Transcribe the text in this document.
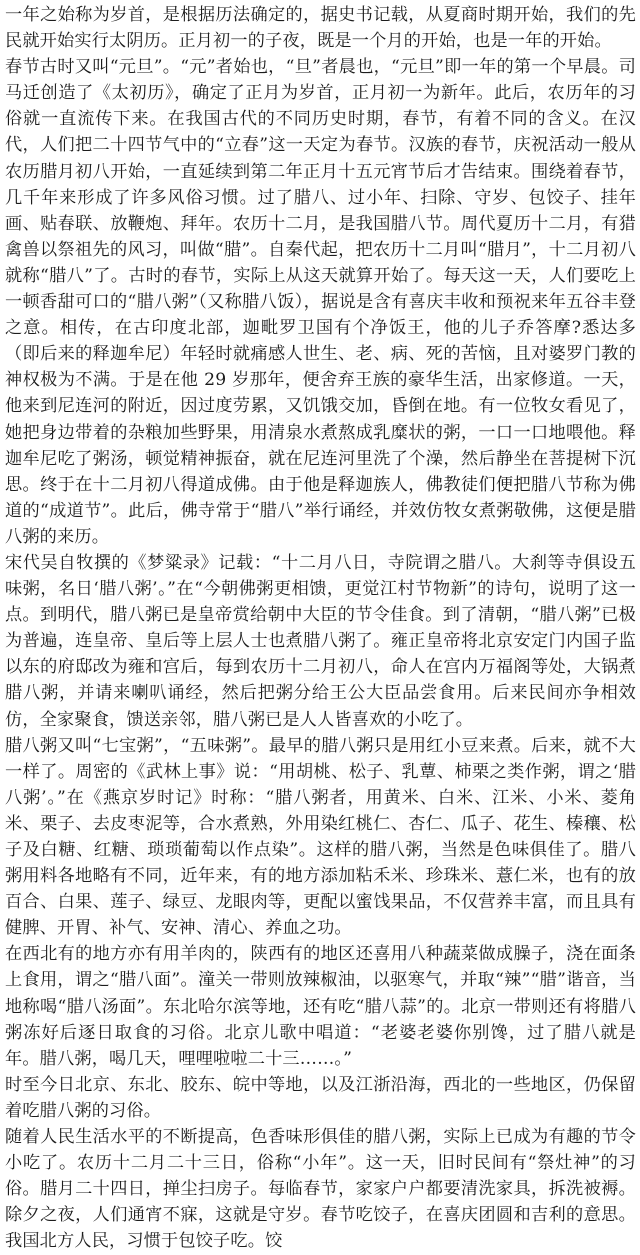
一年之始称为岁首，是根据历法确定的，据史书记载，从夏商时期开始，我们的先民就开始实行太阴历。正月初一的子夜，既是一个月的开始，也是一年的开始。

春节古时又叫“元旦”。“元”者始也，“旦”者晨也，“元旦”即一年的第一个早晨。司马迁创造了《太初历》，确定了正月为岁首，正月初一为新年。此后，农历年的习俗就一直流传下来。在我国古代的不同历史时期，春节，有着不同的含义。在汉代，人们把二十四节气中的“立春”这一天定为春节。汉族的春节，庆祝活动一般从农历腊月初八开始，一直延续到第二年正月十五元宵节后才告结束。围绕着春节，几千年来形成了许多风俗习惯。过了腊八、过小年、扫除、守岁、包饺子、挂年画、贴春联、放鞭炮、拜年。农历十二月，是我国腊八节。周代夏历十二月，有猎禽兽以祭祖先的风习，叫做“腊”。自秦代起，把农历十二月叫“腊月”，十二月初八就称“腊八”了。古时的春节，实际上从这天就算开始了。每天这一天，人们要吃上一顿香甜可口的“腊八粥”（又称腊八饭），据说是含有喜庆丰收和预祝来年五谷丰登之意。相传，在古印度北部，迦毗罗卫国有个净饭王，他的儿子乔答摩?悉达多（即后来的释迦牟尼）年轻时就痛感人世生、老、病、死的苦恼，且对婆罗门教的神权极为不满。于是在他 29 岁那年，便舍弃王族的豪华生活，出家修道。一天，他来到尼连河的附近，因过度劳累，又饥饿交加，昏倒在地。有一位牧女看见了，她把身边带着的杂粮加些野果，用清泉水煮熬成乳糜状的粥，一口一口地喂他。释迦牟尼吃了粥汤，顿觉精神振奋，就在尼连河里洗了个澡，然后静坐在菩提树下沉思。终于在十二月初八得道成佛。由于他是释迦族人，佛教徒们便把腊八节称为佛道的“成道节”。此后，佛寺常于“腊八”举行诵经，并效仿牧女煮粥敬佛，这便是腊八粥的来历。

宋代吴自牧撰的《梦粱录》记载：“十二月八日，寺院谓之腊八。大刹等寺俱设五味粥，名日‘腊八粥’。”在“今朝佛粥更相馈，更觉江村节物新”的诗句，说明了这一点。到明代，腊八粥已是皇帝赏给朝中大臣的节令佳食。到了清朝，“腊八粥”已极为普遍，连皇帝、皇后等上层人士也煮腊八粥了。雍正皇帝将北京安定门内国子监以东的府邸改为雍和宫后，每到农历十二月初八，命人在宫内万福阁等处，大锅煮腊八粥，并请来喇叭诵经，然后把粥分给王公大臣品尝食用。后来民间亦争相效仿，全家聚食，馈送亲邻，腊八粥已是人人皆喜欢的小吃了。

腊八粥又叫“七宝粥”，“五味粥”。最早的腊八粥只是用红小豆来煮。后来，就不大一样了。周密的《武林上事》说：“用胡桃、松子、乳蕈、柿栗之类作粥，谓之‘腊八粥’。”在《燕京岁时记》时称：“腊八粥者，用黄米、白米、江米、小米、菱角米、栗子、去皮枣泥等，合水煮熟，外用染红桃仁、杏仁、瓜子、花生、榛穰、松子及白糖、红糖、琐琐葡萄以作点染”。这样的腊八粥，当然是色味俱佳了。腊八粥用料各地略有不同，近年来，有的地方添加粘禾米、珍珠米、薏仁米，也有的放百合、白果、莲子、绿豆、龙眼肉等，更配以蜜饯果品，不仅营养丰富，而且具有健脾、开胃、补气、安神、清心、养血之功。

在西北有的地方亦有用羊肉的，陕西有的地区还喜用八种蔬菜做成臊子，浇在面条上食用，谓之“腊八面”。潼关一带则放辣椒油，以驱寒气，并取“辣”“腊”谐音，当地称喝“腊八汤面”。东北哈尔滨等地，还有吃“腊八蒜”的。北京一带则还有将腊八粥冻好后逐日取食的习俗。北京儿歌中唱道：“老婆老婆你别馋，过了腊八就是年。腊八粥，喝几天，哩哩啦啦二十三……。”

时至今日北京、东北、胶东、皖中等地，以及江浙沿海，西北的一些地区，仍保留着吃腊八粥的习俗。

随着人民生活水平的不断提高，色香味形俱佳的腊八粥，实际上已成为有趣的节令小吃了。农历十二月二十三日，俗称“小年”。这一天，旧时民间有“祭灶神”的习俗。腊月二十四日，掸尘扫房子。每临春节，家家户户都要清洗家具，拆洗被褥。除夕之夜，人们通宵不寐，这就是守岁。春节吃饺子，在喜庆团圆和吉利的意思。我国北方人民，习惯于包饺子吃。饺
